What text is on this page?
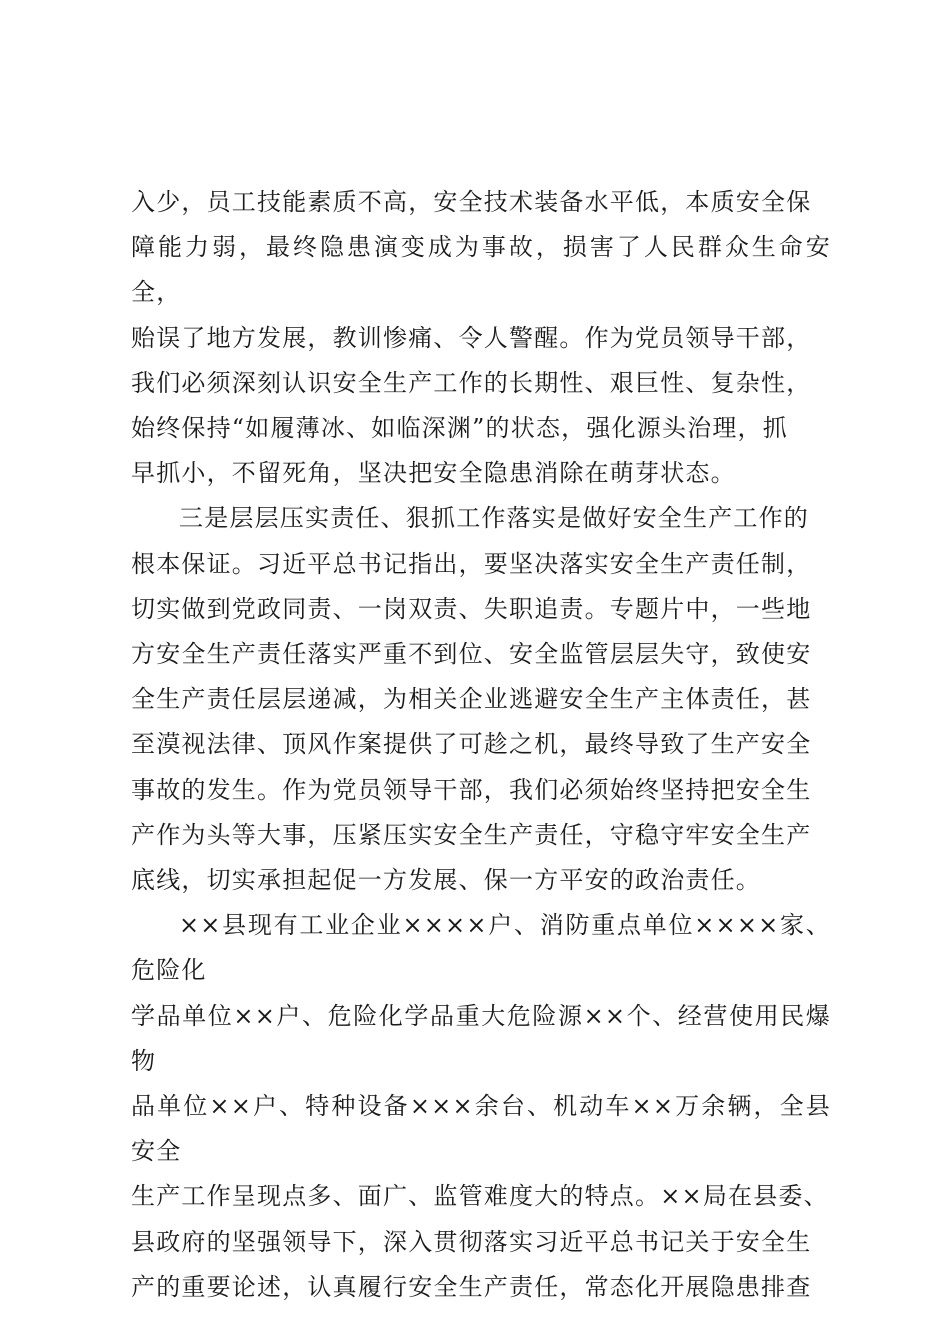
入少，员工技能素质不高，安全技术装备水平低，本质安全保
障能力弱，最终隐患演变成为事故，损害了人民群众生命安全，
贻误了地方发展，教训惨痛、令人警醒。作为党员领导干部，
我们必须深刻认识安全生产工作的长期性、艰巨性、复杂性，
始终保持“如履薄冰、如临深渊”的状态，强化源头治理，抓
早抓小，不留死角，坚决把安全隐患消除在萌芽状态。
三是层层压实责任、狠抓工作落实是做好安全生产工作的
根本保证。习近平总书记指出，要坚决落实安全生产责任制，
切实做到党政同责、一岗双责、失职追责。专题片中，一些地
方安全生产责任落实严重不到位、安全监管层层失守，致使安
全生产责任层层递减，为相关企业逃避安全生产主体责任，甚
至漠视法律、顶风作案提供了可趁之机，最终导致了生产安全
事故的发生。作为党员领导干部，我们必须始终坚持把安全生
产作为头等大事，压紧压实安全生产责任，守稳守牢安全生产
底线，切实承担起促一方发展、保一方平安的政治责任。
××县现有工业企业××××户、消防重点单位××××家、危险化
学品单位××户、危险化学品重大危险源××个、经营使用民爆物
品单位××户、特种设备×××余台、机动车××万余辆，全县安全
生产工作呈现点多、面广、监管难度大的特点。××局在县委、
县政府的坚强领导下，深入贯彻落实习近平总书记关于安全生
产的重要论述，认真履行安全生产责任，常态化开展隐患排查
